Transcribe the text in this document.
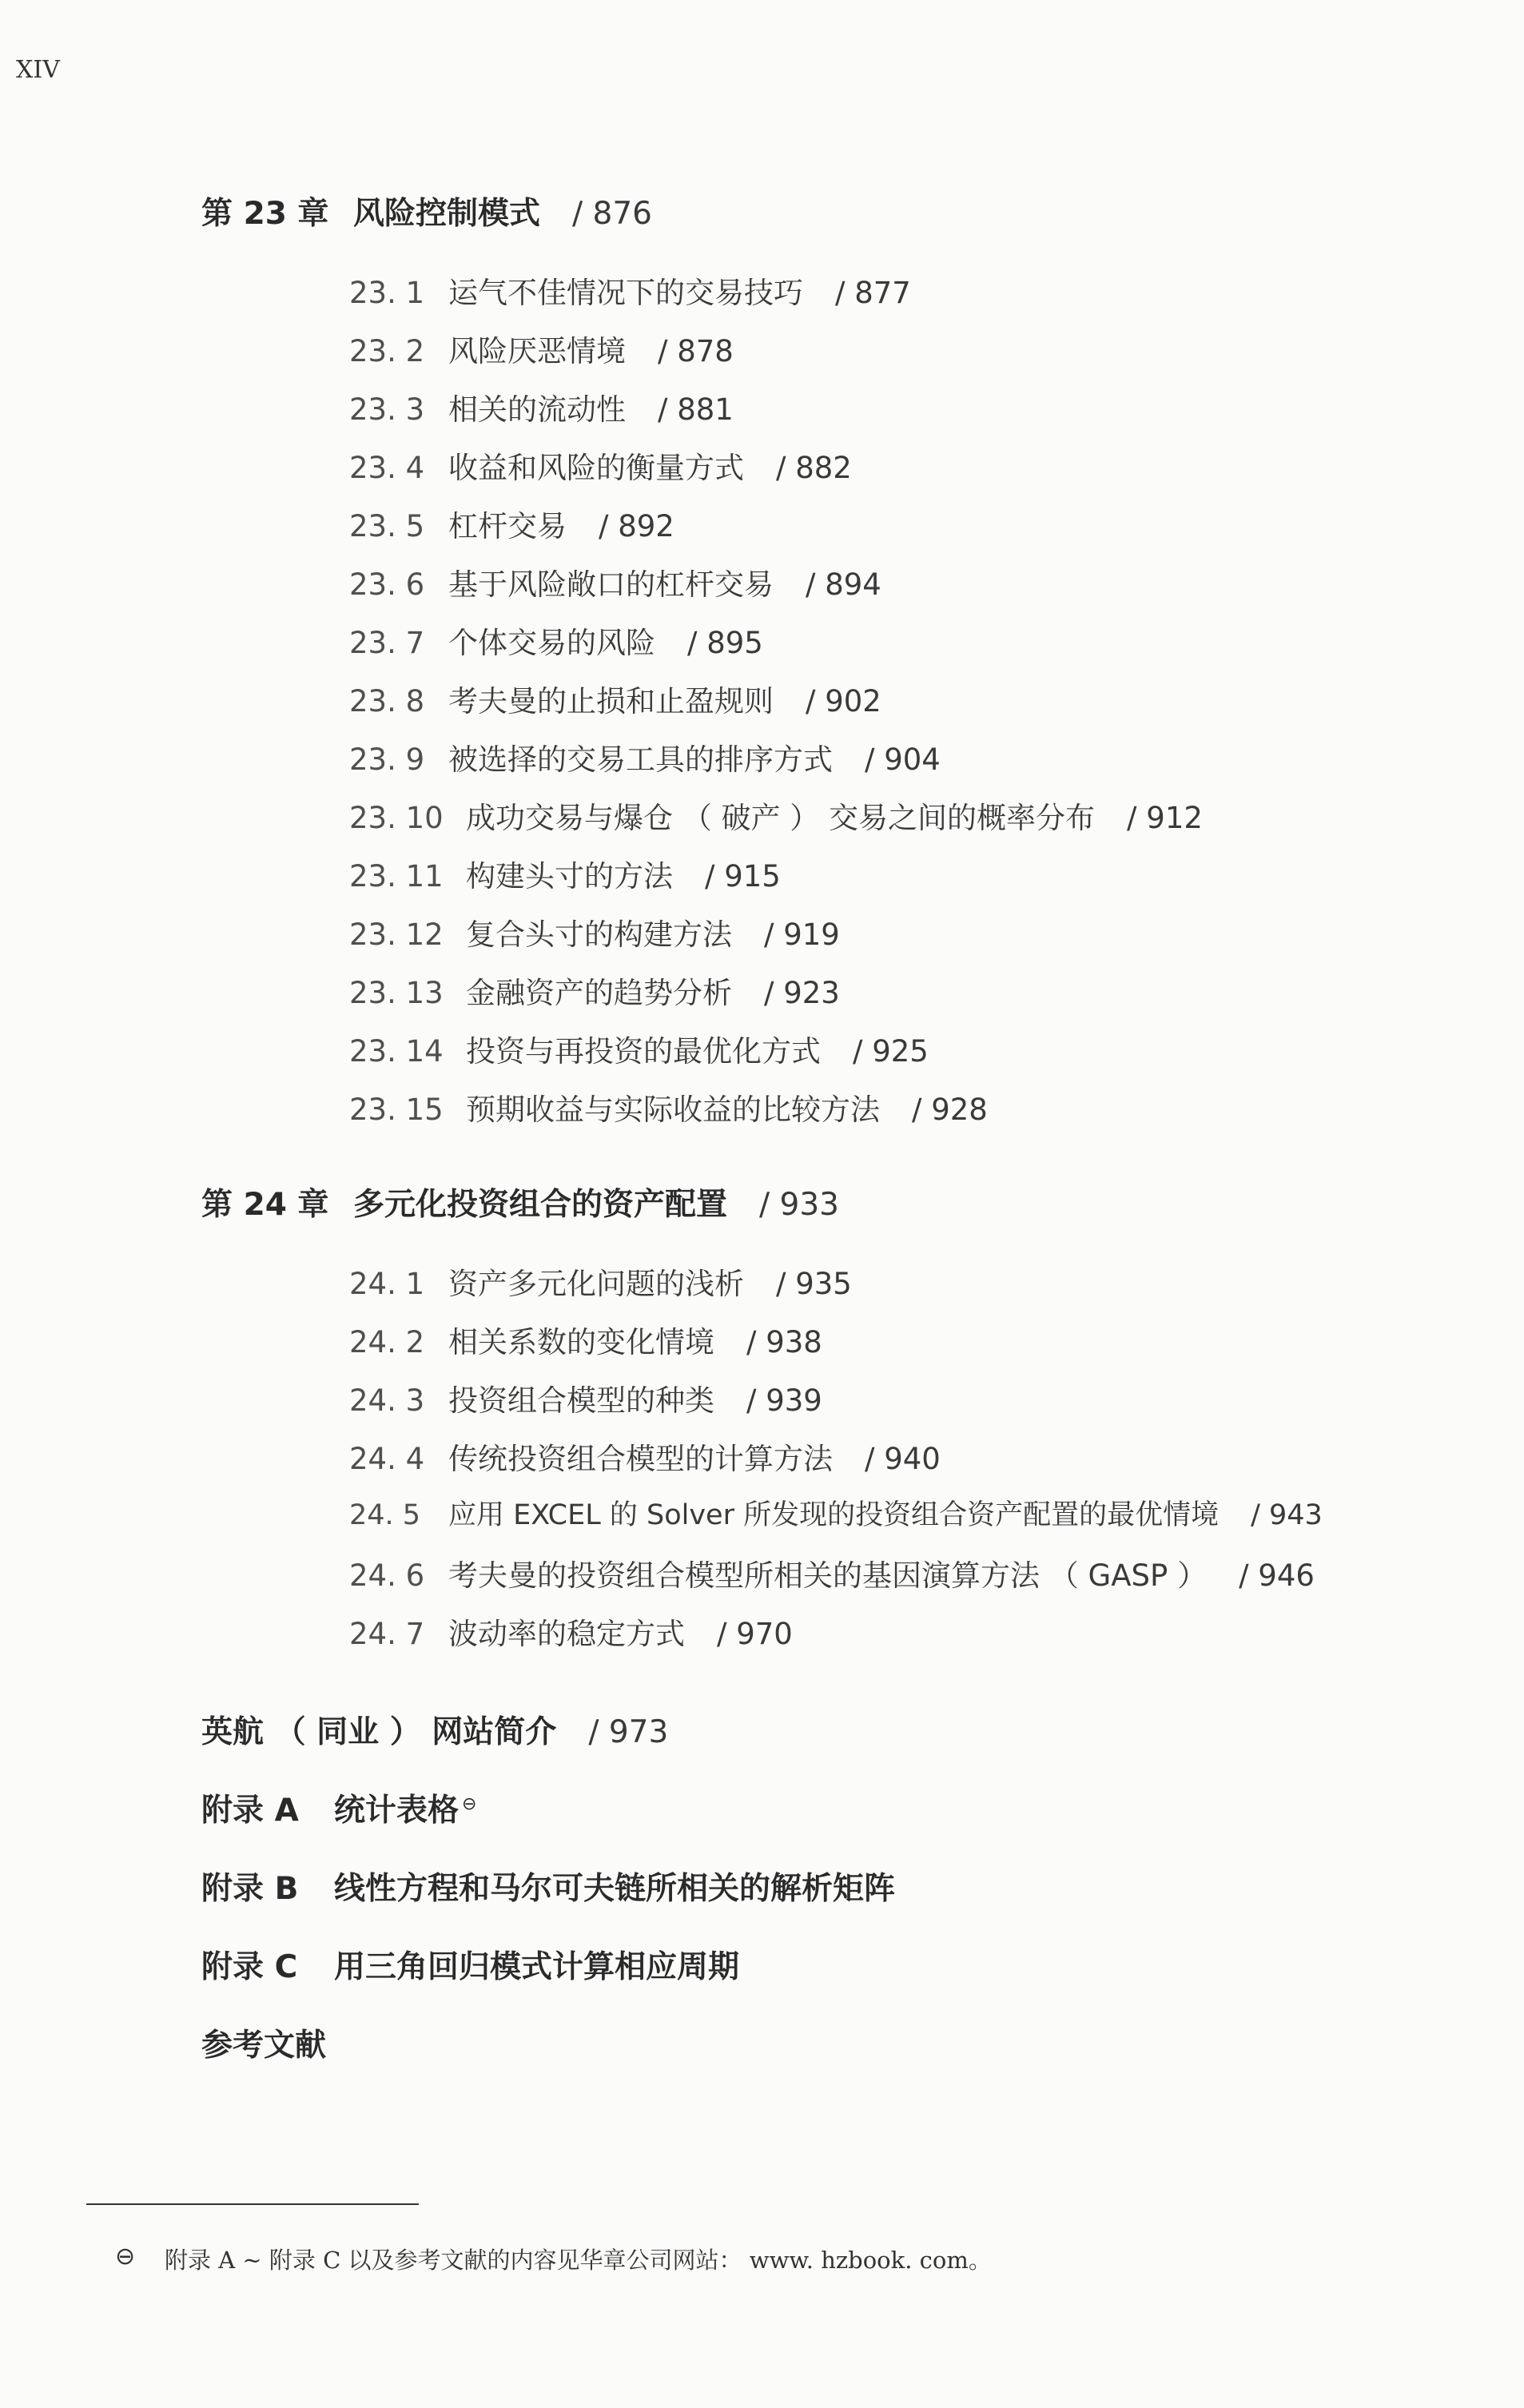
XIV
第 23 章 风险控制模式 / 876
23. 1 运气不佳情况下的交易技巧 / 877
23. 2 风险厌恶情境 / 878
23. 3 相关的流动性 / 881
23. 4 收益和风险的衡量方式 / 882
23. 5 杠杆交易 / 892
23. 6 基于风险敞口的杠杆交易 / 894
23. 7 个体交易的风险 / 895
23. 8 考夫曼的止损和止盈规则 / 902
23. 9 被选择的交易工具的排序方式 / 904
23. 10 成功交易与爆仓 （ 破产 ） 交易之间的概率分布 / 912
23. 11 构建头寸的方法 / 915
23. 12 复合头寸的构建方法 / 919
23. 13 金融资产的趋势分析 / 923
23. 14 投资与再投资的最优化方式 / 925
23. 15 预期收益与实际收益的比较方法 / 928
第 24 章 多元化投资组合的资产配置 / 933
24. 1 资产多元化问题的浅析 / 935
24. 2 相关系数的变化情境 / 938
24. 3 投资组合模型的种类 / 939
24. 4 传统投资组合模型的计算方法 / 940
24. 5 应用 EXCEL 的 Solver 所发现的投资组合资产配置的最优情境 / 943
24. 6 考夫曼的投资组合模型所相关的基因演算方法 （ GASP ） / 946
24. 7 波动率的稳定方式 / 970
英航 （ 同业 ） 网站简介 / 973
附录 A 统计表格 ⊖
附录 B 线性方程和马尔可夫链所相关的解析矩阵
附录 C 用三角回归模式计算相应周期
参考文献
⊖ 附录 A ~ 附录 C 以及参考文献的内容见华章公司网站： www. hzbook. com。
